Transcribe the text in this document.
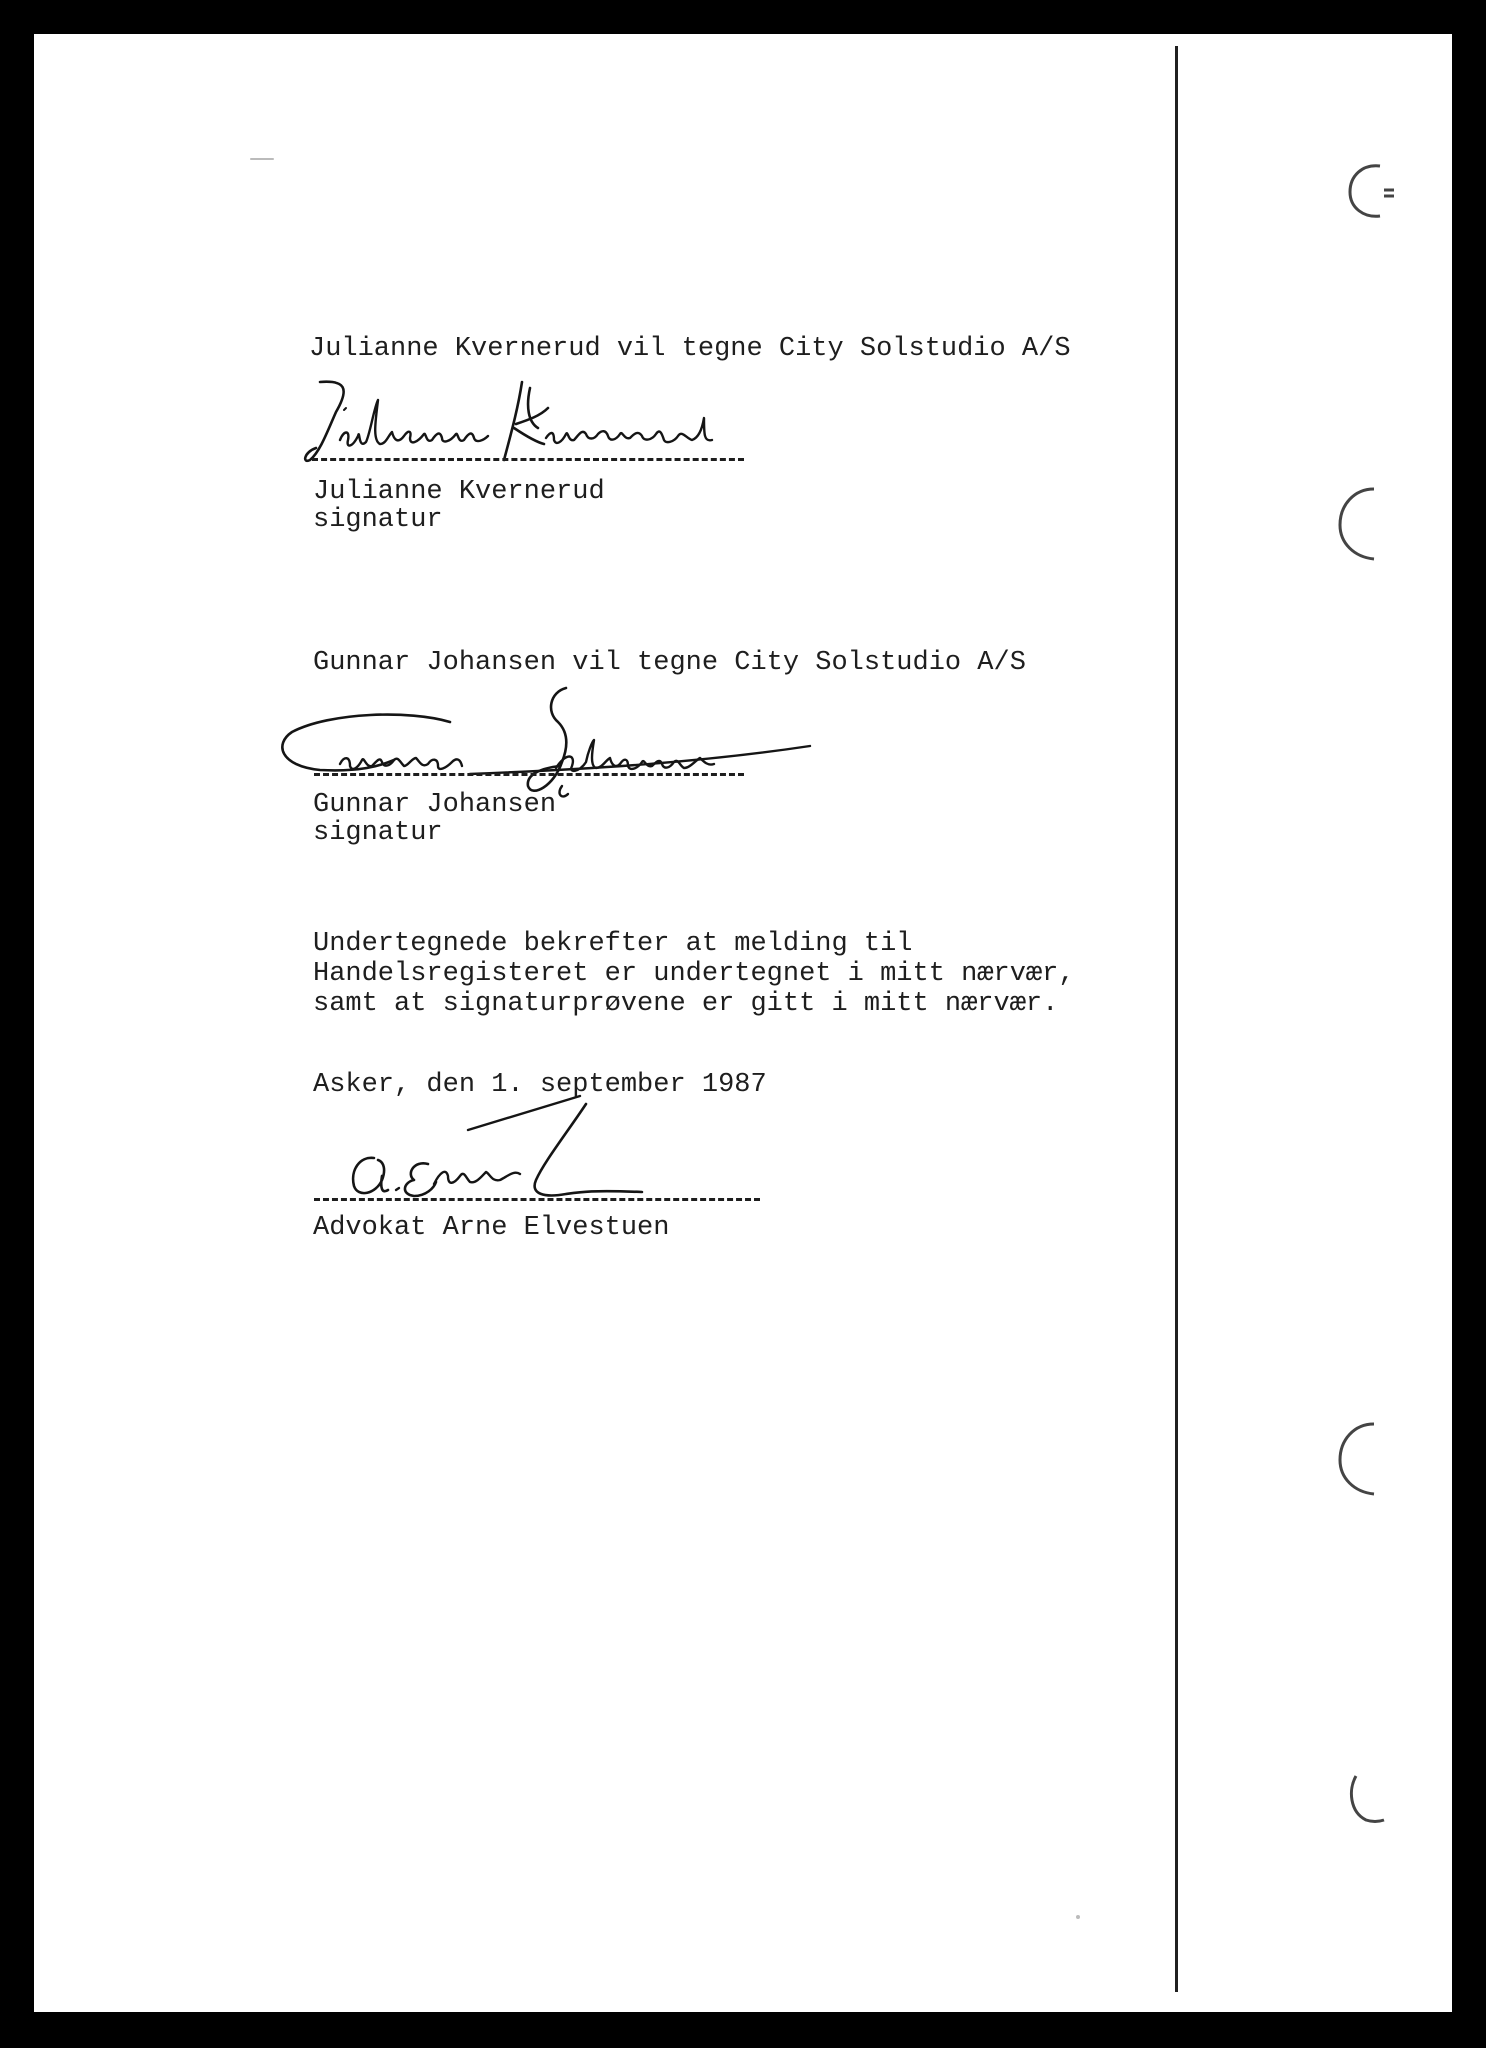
Julianne Kvernerud vil tegne City Solstudio A/S

Julianne Kvernerud

signatur

Gunnar Johansen vil tegne City Solstudio A/S

Gunnar Johansen

signatur

Undertegnede bekrefter at melding til

Handelsregisteret er undertegnet i mitt nærvær,

samt at signaturprøvene er gitt i mitt nærvær.

Asker, den 1. september 1987

Advokat Arne Elvestuen
